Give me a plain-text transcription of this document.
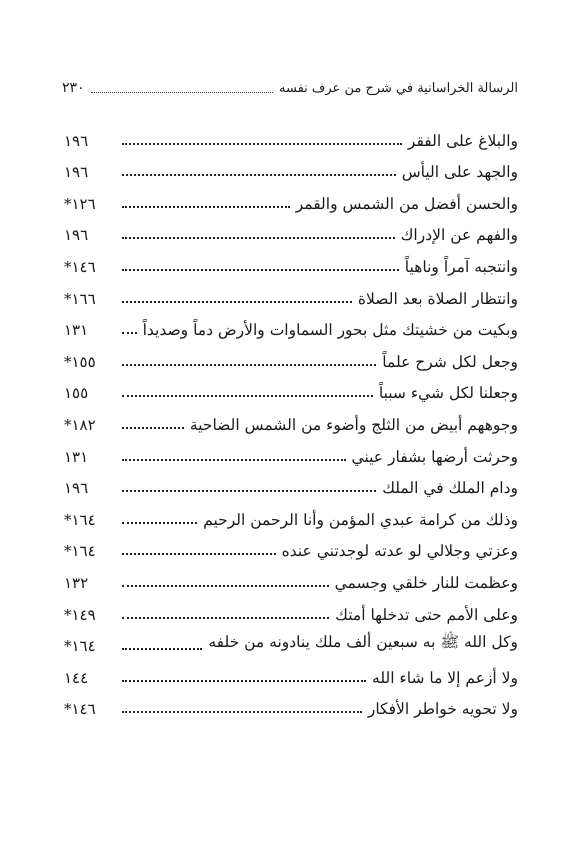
الرسالة الخراسانية في شرح من عرف نفسه
٢٣٠
والبلاغ على الفقر
١٩٦
والجهد على اليأس
١٩٦
والحسن أفضل من الشمس والقمر
١٢٦*
والفهم عن الإدراك
١٩٦
وانتجبه آمراً وناهياً
١٤٦*
وانتظار الصلاة بعد الصلاة
١٦٦*
وبكيت من خشيتك مثل بحور السماوات والأرض دماً وصديداً
١٣١
وجعل لكل شرح علماً
١٥٥*
وجعلنا لكل شيء سبباً
١٥٥
وجوههم أبيض من الثلج وأضوء من الشمس الضاحية
١٨٢*
وحرثت أرضها بشفار عيني
١٣١
ودام الملك في الملك
١٩٦
وذلك من كرامة عبدي المؤمن وأنا الرحمن الرحيم
١٦٤*
وعزتي وجلالي لو عدته لوجدتني عنده
١٦٤*
وعظمت للنار خلقي وجسمي
١٣٢
وعلى الأمم حتى تدخلها أمتك
١٤٩*
وكل الله ﷺ به سبعين ألف ملك ينادونه من خلفه
١٦٤*
ولا أزعم إلا ما شاء الله
١٤٤
ولا تحويه خواطر الأفكار
١٤٦*
